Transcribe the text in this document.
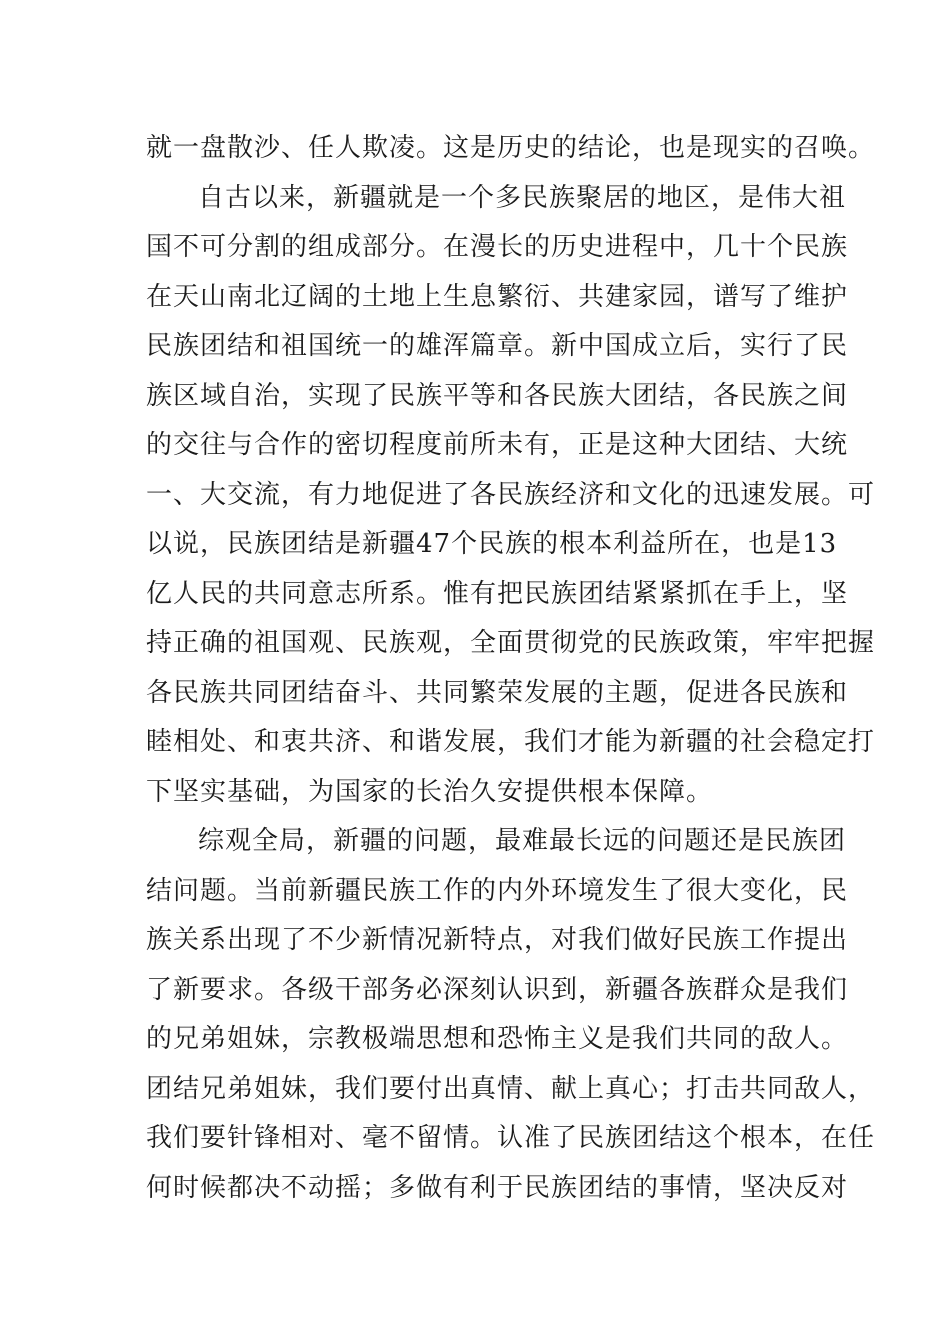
就一盘散沙、任人欺凌。这是历史的结论，也是现实的召唤。
自古以来，新疆就是一个多民族聚居的地区，是伟大祖
国不可分割的组成部分。在漫长的历史进程中，几十个民族
在天山南北辽阔的土地上生息繁衍、共建家园，谱写了维护
民族团结和祖国统一的雄浑篇章。新中国成立后，实行了民
族区域自治，实现了民族平等和各民族大团结，各民族之间
的交往与合作的密切程度前所未有，正是这种大团结、大统
一、大交流，有力地促进了各民族经济和文化的迅速发展。可
以说，民族团结是新疆47个民族的根本利益所在，也是13
亿人民的共同意志所系。惟有把民族团结紧紧抓在手上，坚
持正确的祖国观、民族观，全面贯彻党的民族政策，牢牢把握
各民族共同团结奋斗、共同繁荣发展的主题，促进各民族和
睦相处、和衷共济、和谐发展，我们才能为新疆的社会稳定打
下坚实基础，为国家的长治久安提供根本保障。
综观全局，新疆的问题，最难最长远的问题还是民族团
结问题。当前新疆民族工作的内外环境发生了很大变化，民
族关系出现了不少新情况新特点，对我们做好民族工作提出
了新要求。各级干部务必深刻认识到，新疆各族群众是我们
的兄弟姐妹，宗教极端思想和恐怖主义是我们共同的敌人。
团结兄弟姐妹，我们要付出真情、献上真心；打击共同敌人，
我们要针锋相对、毫不留情。认准了民族团结这个根本，在任
何时候都决不动摇；多做有利于民族团结的事情，坚决反对
